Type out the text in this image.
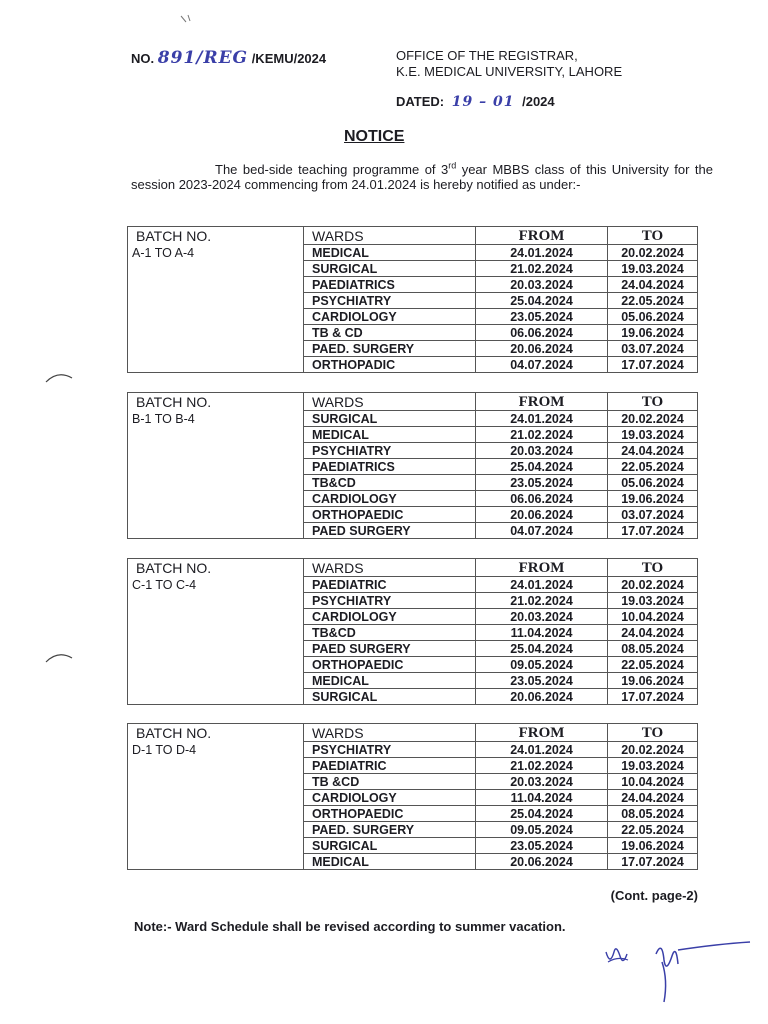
NO. 891/REG /KEMU/2024	OFFICE OF THE REGISTRAR,
K.E. MEDICAL UNIVERSITY, LAHORE
DATED: 19 – 01 /2024
NOTICE

The bed-side teaching programme of 3rd year MBBS class of this University for the session 2023-2024 commencing from 24.01.2024 is hereby notified as under:-

BATCH NO.	WARDS	FROM	TO
A-1 TO A-4	MEDICAL	24.01.2024	20.02.2024
	SURGICAL	21.02.2024	19.03.2024
	PAEDIATRICS	20.03.2024	24.04.2024
	PSYCHIATRY	25.04.2024	22.05.2024
	CARDIOLOGY	23.05.2024	05.06.2024
	TB & CD	06.06.2024	19.06.2024
	PAED. SURGERY	20.06.2024	03.07.2024
	ORTHOPADIC	04.07.2024	17.07.2024
BATCH NO.	WARDS	FROM	TO
B-1 TO B-4	SURGICAL	24.01.2024	20.02.2024
	MEDICAL	21.02.2024	19.03.2024
	PSYCHIATRY	20.03.2024	24.04.2024
	PAEDIATRICS	25.04.2024	22.05.2024
	TB&CD	23.05.2024	05.06.2024
	CARDIOLOGY	06.06.2024	19.06.2024
	ORTHOPAEDIC	20.06.2024	03.07.2024
	PAED SURGERY	04.07.2024	17.07.2024
BATCH NO.	WARDS	FROM	TO
C-1 TO C-4	PAEDIATRIC	24.01.2024	20.02.2024
	PSYCHIATRY	21.02.2024	19.03.2024
	CARDIOLOGY	20.03.2024	10.04.2024
	TB&CD	11.04.2024	24.04.2024
	PAED SURGERY	25.04.2024	08.05.2024
	ORTHOPAEDIC	09.05.2024	22.05.2024
	MEDICAL	23.05.2024	19.06.2024
	SURGICAL	20.06.2024	17.07.2024
BATCH NO.	WARDS	FROM	TO
D-1 TO D-4	PSYCHIATRY	24.01.2024	20.02.2024
	PAEDIATRIC	21.02.2024	19.03.2024
	TB &CD	20.03.2024	10.04.2024
	CARDIOLOGY	11.04.2024	24.04.2024
	ORTHOPAEDIC	25.04.2024	08.05.2024
	PAED. SURGERY	09.05.2024	22.05.2024
	SURGICAL	23.05.2024	19.06.2024
	MEDICAL	20.06.2024	17.07.2024
(Cont. page-2)
Note:- Ward Schedule shall be revised according to summer vacation.
